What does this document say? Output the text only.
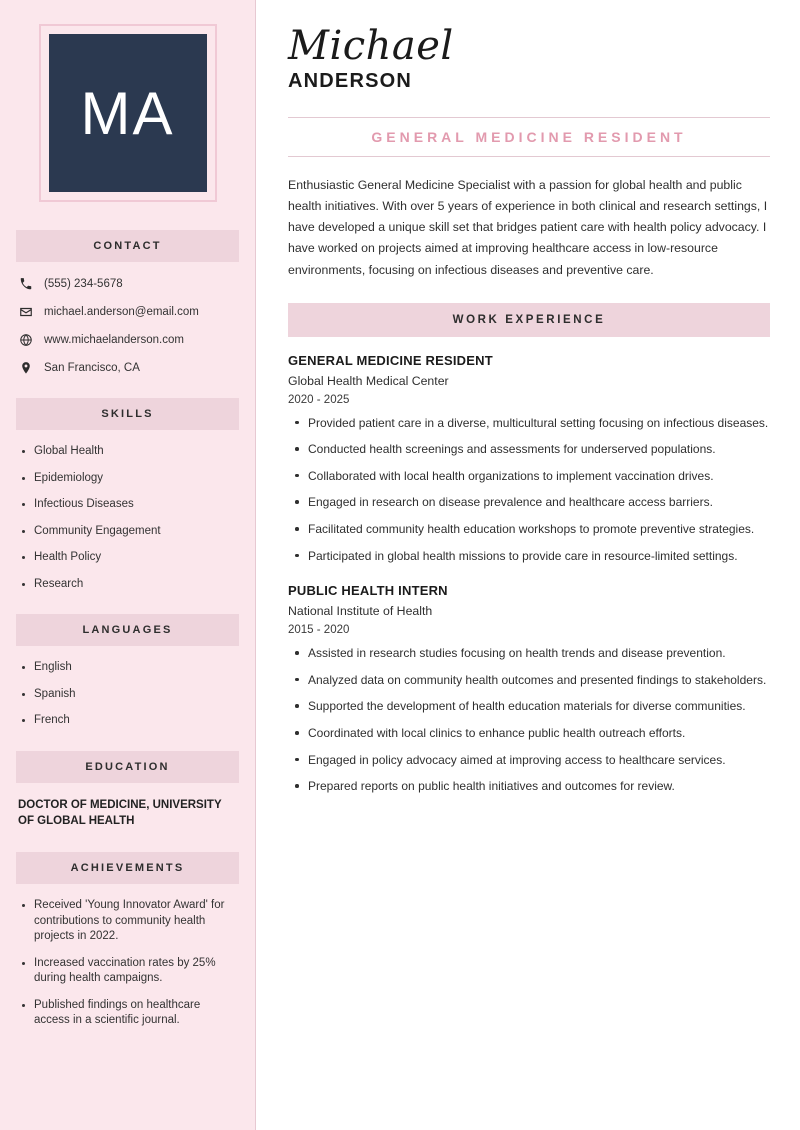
MA
CONTACT
(555) 234-5678
michael.anderson@email.com
www.michaelanderson.com
San Francisco, CA
SKILLS
Global Health
Epidemiology
Infectious Diseases
Community Engagement
Health Policy
Research
LANGUAGES
English
Spanish
French
EDUCATION
DOCTOR OF MEDICINE, UNIVERSITY OF GLOBAL HEALTH
ACHIEVEMENTS
Received 'Young Innovator Award' for contributions to community health projects in 2022.
Increased vaccination rates by 25% during health campaigns.
Published findings on healthcare access in a scientific journal.
Michael
ANDERSON
GENERAL MEDICINE RESIDENT

Enthusiastic General Medicine Specialist with a passion for global health and public health initiatives. With over 5 years of experience in both clinical and research settings, I have developed a unique skill set that bridges patient care with health policy advocacy. I have worked on projects aimed at improving healthcare access in low-resource environments, focusing on infectious diseases and preventive care.

WORK EXPERIENCE
GENERAL MEDICINE RESIDENT
Global Health Medical Center
2020 - 2025
Provided patient care in a diverse, multicultural setting focusing on infectious diseases.
Conducted health screenings and assessments for underserved populations.
Collaborated with local health organizations to implement vaccination drives.
Engaged in research on disease prevalence and healthcare access barriers.
Facilitated community health education workshops to promote preventive strategies.
Participated in global health missions to provide care in resource-limited settings.
PUBLIC HEALTH INTERN
National Institute of Health
2015 - 2020
Assisted in research studies focusing on health trends and disease prevention.
Analyzed data on community health outcomes and presented findings to stakeholders.
Supported the development of health education materials for diverse communities.
Coordinated with local clinics to enhance public health outreach efforts.
Engaged in policy advocacy aimed at improving access to healthcare services.
Prepared reports on public health initiatives and outcomes for review.
